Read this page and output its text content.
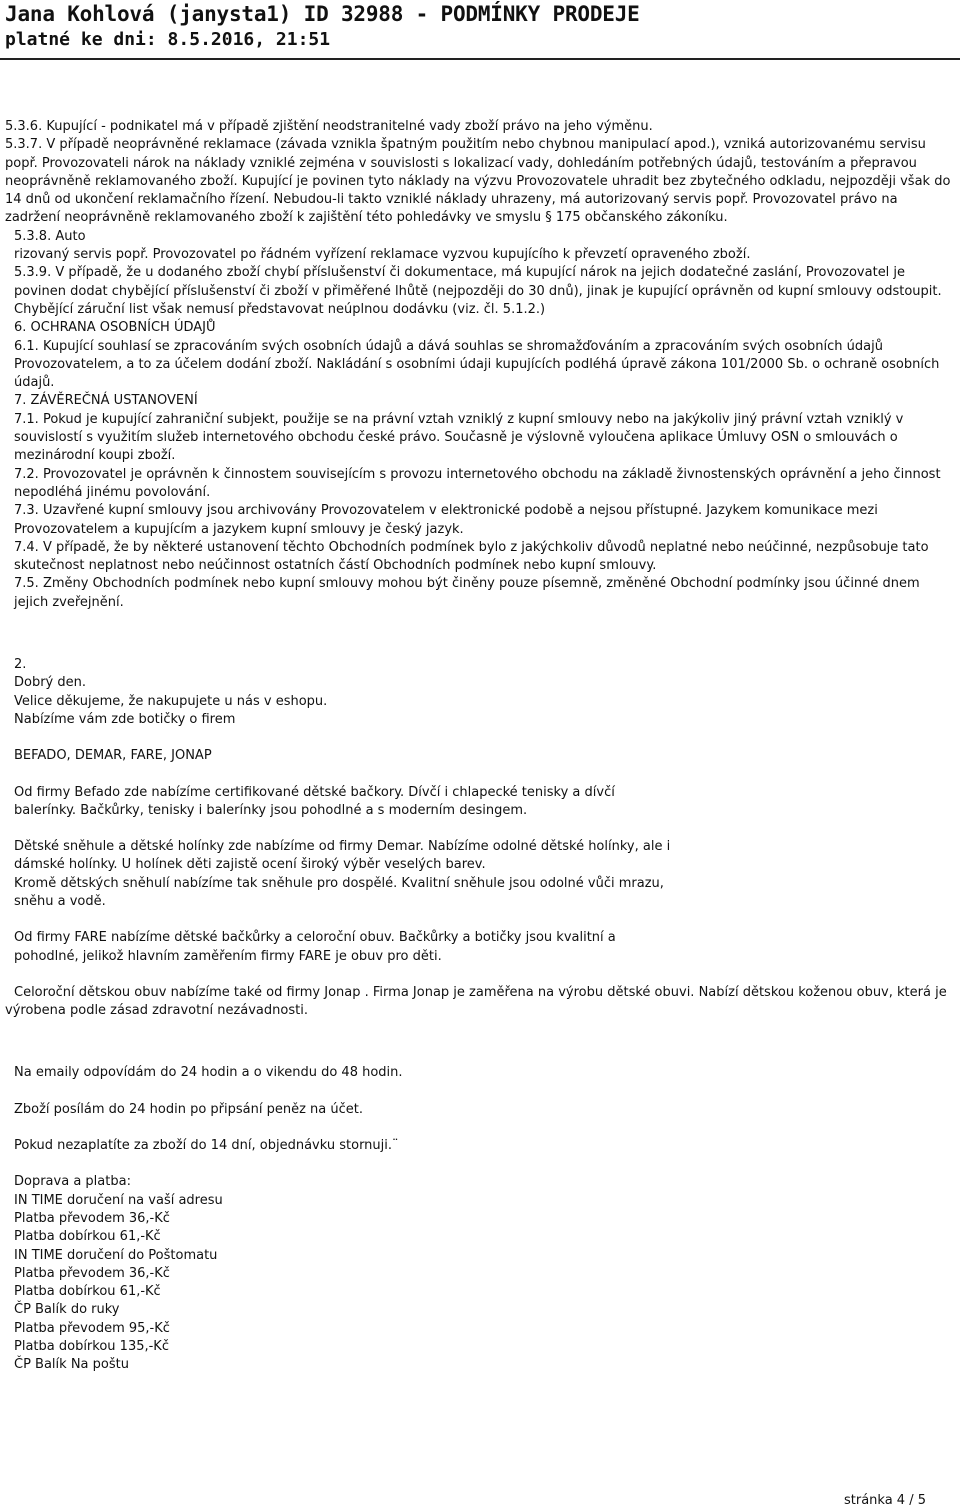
Jana Kohlová (janysta1) ID 32988 - PODMÍNKY PRODEJE
platné ke dni: 8.5.2016, 21:51

5.3.6. Kupující - podnikatel má v případě zjištění neodstranitelné vady zboží právo na jeho výměnu.

5.3.7. V případě neoprávněné reklamace (závada vznikla špatným použitím nebo chybnou manipulací apod.), vzniká autorizovanému servisu popř. Provozovateli nárok na náklady vzniklé zejména v souvislosti s lokalizací vady, dohledáním potřebných údajů, testováním a přepravou neoprávněně reklamovaného zboží. Kupující je povinen tyto náklady na výzvu Provozovatele uhradit bez zbytečného odkladu, nejpozději však do 14 dnů od ukončení reklamačního řízení. Nebudou-li takto vzniklé náklady uhrazeny, má autorizovaný servis popř. Provozovatel právo na zadržení neoprávněně reklamovaného zboží k zajištění této pohledávky ve smyslu § 175 občanského zákoníku.

5.3.8. Auto

rizovaný servis popř. Provozovatel po řádném vyřízení reklamace vyzvou kupujícího k převzetí opraveného zboží.

5.3.9. V případě, že u dodaného zboží chybí příslušenství či dokumentace, má kupující nárok na jejich dodatečné zaslání, Provozovatel je povinen dodat chybějící příslušenství či zboží v přiměřené lhůtě (nejpozději do 30 dnů), jinak je kupující oprávněn od kupní smlouvy odstoupit. Chybějící záruční list však nemusí představovat neúplnou dodávku (viz. čl. 5.1.2.)

6. OCHRANA OSOBNÍCH ÚDAJŮ

6.1. Kupující souhlasí se zpracováním svých osobních údajů a dává souhlas se shromažďováním a zpracováním svých osobních údajů Provozovatelem, a to za účelem dodání zboží. Nakládání s osobními údaji kupujících podléhá úpravě zákona 101/2000 Sb. o ochraně osobních údajů.

7. ZÁVĚREČNÁ USTANOVENÍ

7.1. Pokud je kupující zahraniční subjekt, použije se na právní vztah vzniklý z kupní smlouvy nebo na jakýkoliv jiný právní vztah vzniklý v souvislostí s využitím služeb internetového obchodu české právo. Současně je výslovně vyloučena aplikace Úmluvy OSN o smlouvách o mezinárodní koupi zboží.

7.2. Provozovatel je oprávněn k činnostem souvisejícím s provozu internetového obchodu na základě živnostenských oprávnění a jeho činnost nepodléhá jinému povolování.

7.3. Uzavřené kupní smlouvy jsou archivovány Provozovatelem v elektronické podobě a nejsou přístupné. Jazykem komunikace mezi Provozovatelem a kupujícím a jazykem kupní smlouvy je český jazyk.

7.4. V případě, že by některé ustanovení těchto Obchodních podmínek bylo z jakýchkoliv důvodů neplatné nebo neúčinné, nezpůsobuje tato skutečnost neplatnost nebo neúčinnost ostatních částí Obchodních podmínek nebo kupní smlouvy.

7.5. Změny Obchodních podmínek nebo kupní smlouvy mohou být činěny pouze písemně, změněné Obchodní podmínky jsou účinné dnem jejich zveřejnění.

2.

Dobrý den.

Velice děkujeme, že nakupujete u nás v eshopu.

Nabízíme vám zde botičky o firem

BEFADO, DEMAR, FARE, JONAP

Od firmy Befado zde nabízíme certifikované dětské bačkory. Dívčí i chlapecké tenisky a dívčí balerínky. Bačkůrky, tenisky i balerínky jsou pohodlné a s moderním desingem.

Dětské sněhule a dětské holínky zde nabízíme od firmy Demar. Nabízíme odolné dětské holínky, ale i dámské holínky. U holínek děti zajistě ocení široký výběr veselých barev.

Kromě dětských sněhulí nabízíme tak sněhule pro dospělé. Kvalitní sněhule jsou odolné vůči mrazu, sněhu a vodě.

Od firmy FARE nabízíme dětské bačkůrky a celoroční obuv. Bačkůrky a botičky jsou kvalitní a pohodlné, jelikož hlavním zaměřením firmy FARE je obuv pro děti.

Celoroční dětskou obuv nabízíme také od firmy Jonap . Firma Jonap je zaměřena na výrobu dětské obuvi. Nabízí dětskou koženou obuv, která je výrobena podle zásad zdravotní nezávadnosti.

Na emaily odpovídám do 24 hodin a o vikendu do 48 hodin.

Zboží posílám do 24 hodin po připsání peněz na účet.

Pokud nezaplatíte za zboží do 14 dní, objednávku stornuji.¨

Doprava a platba:

IN TIME doručení na vaší adresu

Platba převodem 36,-Kč

Platba dobírkou 61,-Kč

IN TIME doručení do Poštomatu

Platba převodem 36,-Kč

Platba dobírkou 61,-Kč

ČP Balík do ruky

Platba převodem 95,-Kč

Platba dobírkou 135,-Kč

ČP Balík Na poštu

stránka 4 / 5
